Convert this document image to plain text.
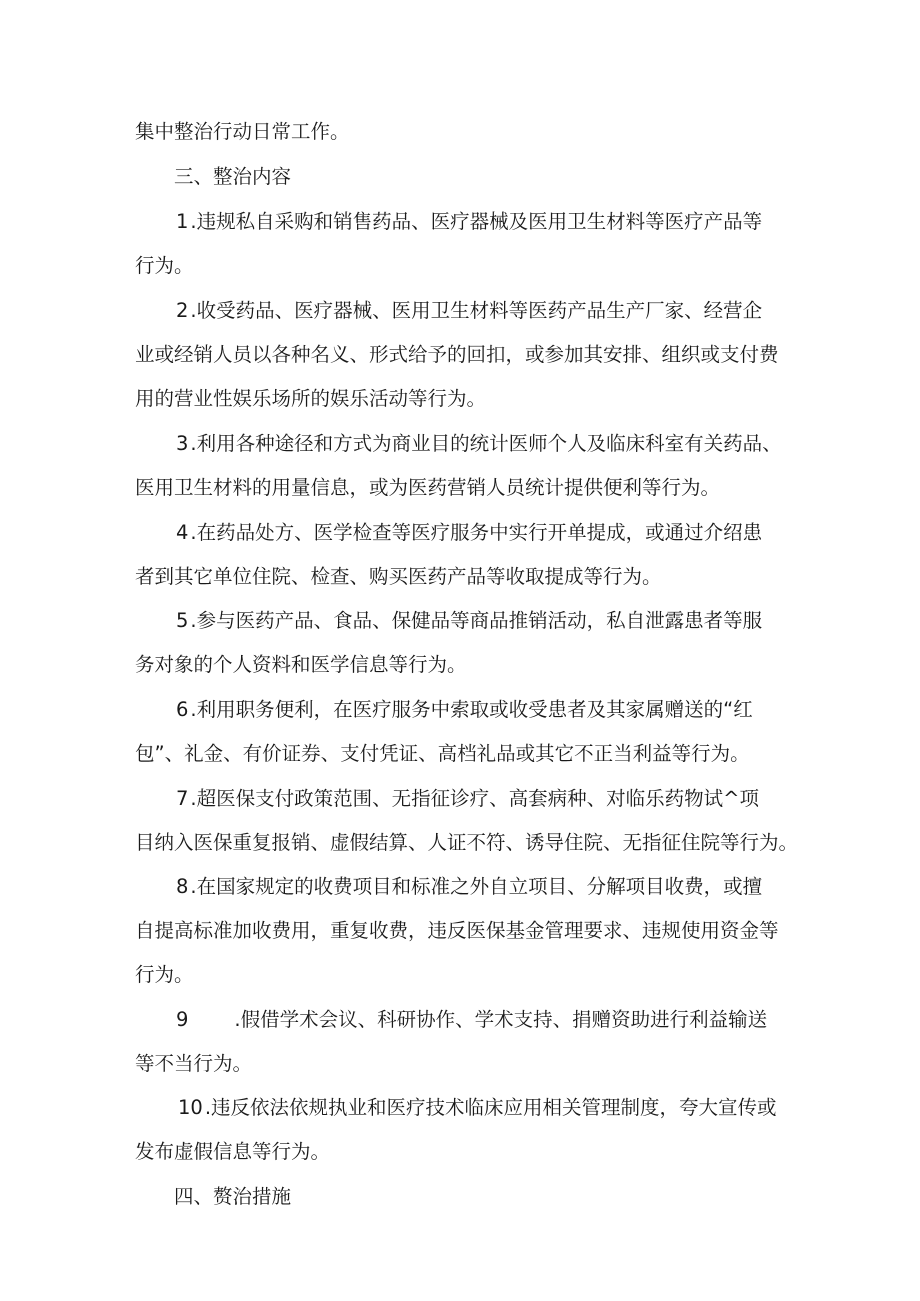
集中整治行动日常工作。
三、整治内容
1 .违规私自采购和销售药品、医疗器械及医用卫生材料等医疗产品等
行为。
2 .收受药品、医疗器械、医用卫生材料等医药产品生产厂家、经营企
业或经销人员以各种名义、形式给予的回扣，或参加其安排、组织或支付费
用的营业性娱乐场所的娱乐活动等行为。
3 .利用各种途径和方式为商业目的统计医师个人及临床科室有关药品、
医用卫生材料的用量信息，或为医药营销人员统计提供便利等行为。
4 .在药品处方、医学检查等医疗服务中实行开单提成，或通过介绍患
者到其它单位住院、检查、购买医药产品等收取提成等行为。
5 .参与医药产品、食品、保健品等商品推销活动，私自泄露患者等服
务对象的个人资料和医学信息等行为。
6 .利用职务便利，在医疗服务中索取或收受患者及其家属赠送的“红
包”、礼金、有价证券、支付凭证、高档礼品或其它不正当利益等行为。
7 .超医保支付政策范围、无指征诊疗、高套病种、对临乐药物试^项
目纳入医保重复报销、虚假结算、人证不符、诱导住院、无指征住院等行为。
8 .在国家规定的收费项目和标准之外自立项目、分解项目收费，或擅
自提高标准加收费用，重复收费，违反医保基金管理要求、违规使用资金等
行为。
9 .假借学术会议、科研协作、学术支持、捐赠资助进行利益输送
等不当行为。
10 .违反依法依规执业和医疗技术临床应用相关管理制度，夸大宣传或
发布虚假信息等行为。
四、赘治措施
